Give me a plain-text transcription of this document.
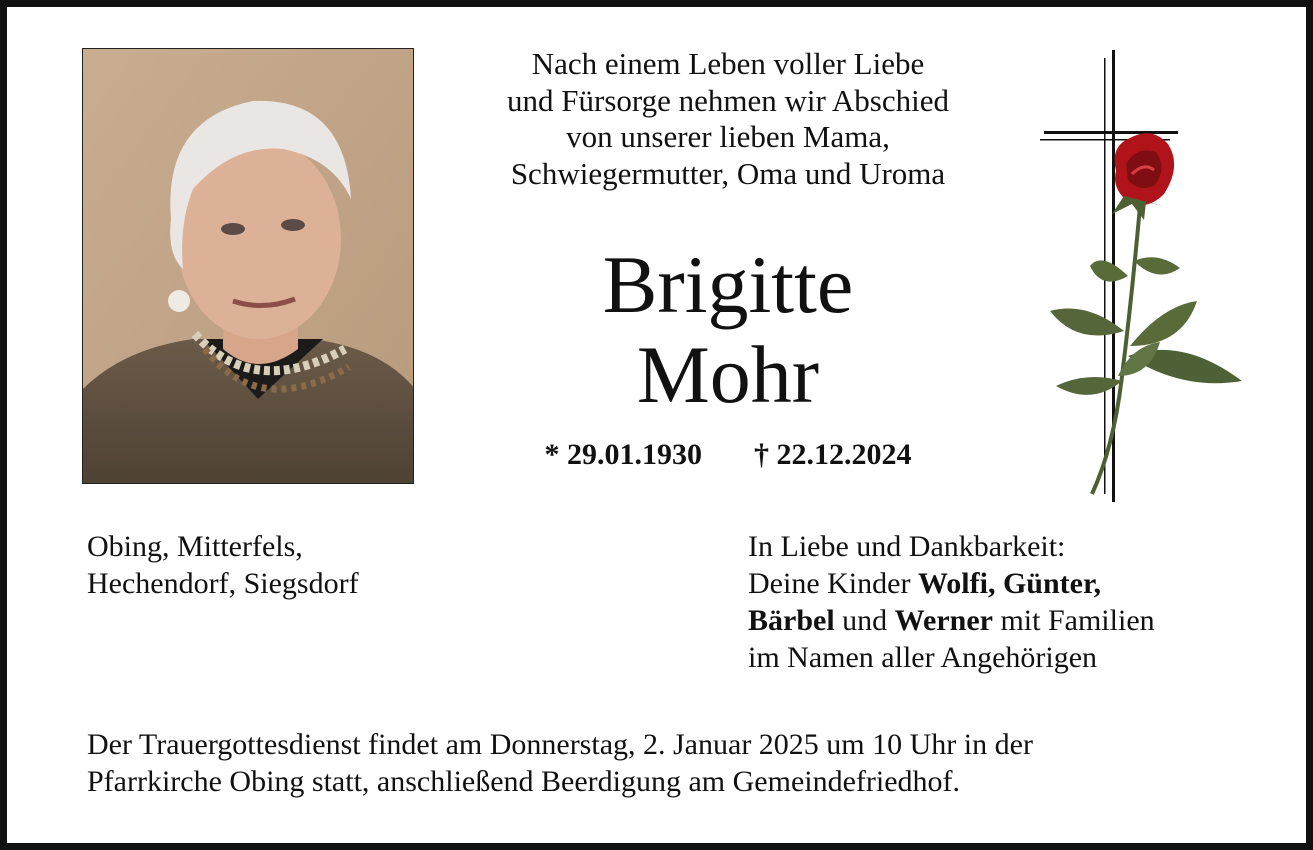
Nach einem Leben voller Liebe
und Fürsorge nehmen wir Abschied
von unserer lieben Mama,
Schwiegermutter, Oma und Uroma
Brigitte
Mohr
* 29.01.1930 † 22.12.2024
Obing, Mitterfels,
Hechendorf, Siegsdorf
In Liebe und Dankbarkeit:
Deine Kinder Wolfi, Günter,
Bärbel und Werner mit Familien
im Namen aller Angehörigen
Der Trauergottesdienst findet am Donnerstag, 2. Januar 2025 um 10 Uhr in der
Pfarrkirche Obing statt, anschließend Beerdigung am Gemeindefriedhof.
